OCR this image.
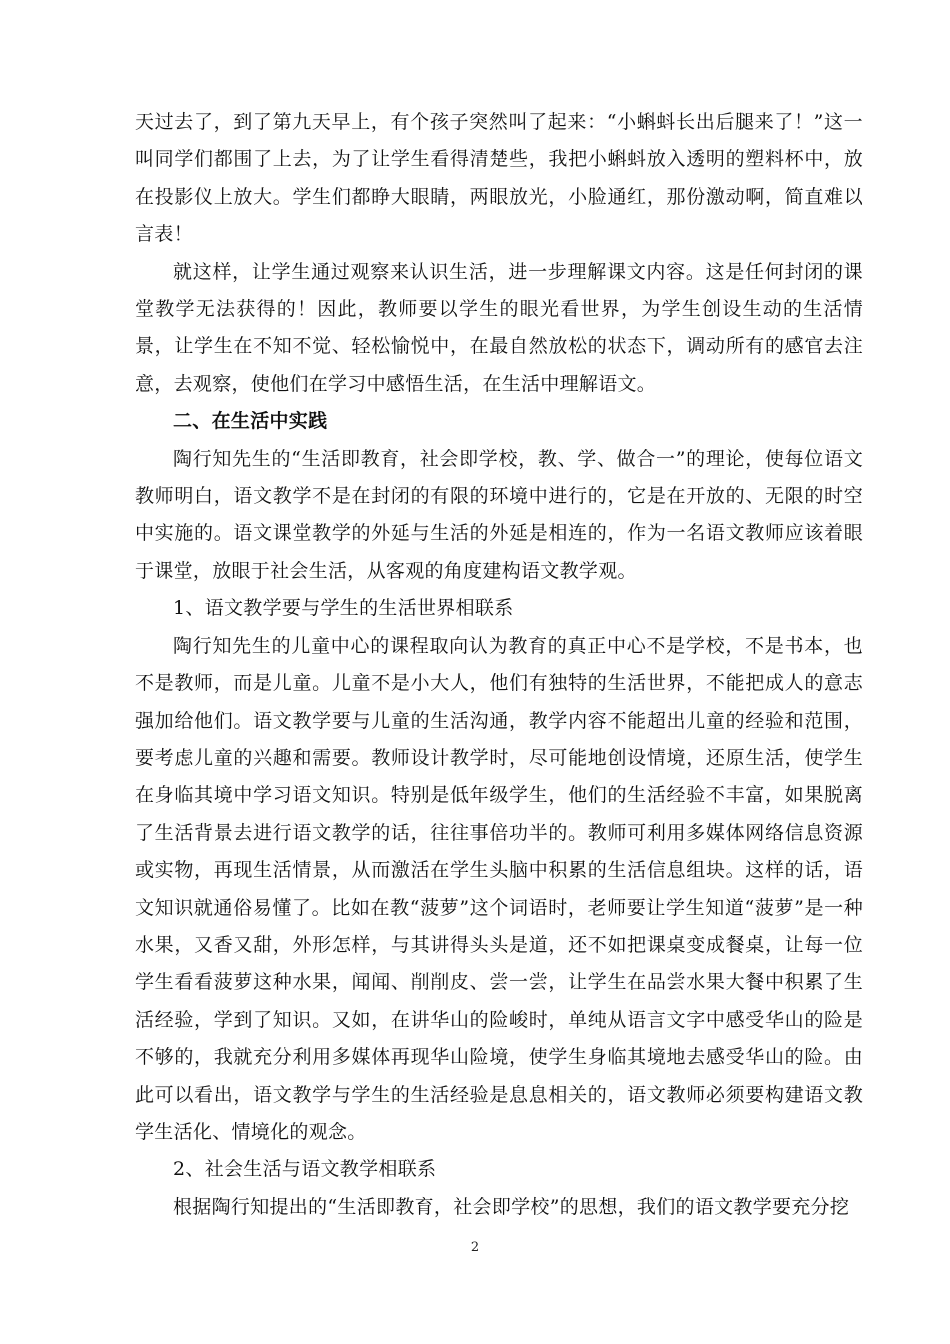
天过去了，到了第九天早上，有个孩子突然叫了起来：“小蝌蚪长出后腿来了！”这一叫同学们都围了上去，为了让学生看得清楚些，我把小蝌蚪放入透明的塑料杯中，放在投影仪上放大。学生们都睁大眼睛，两眼放光，小脸通红，那份激动啊，简直难以言表！

就这样，让学生通过观察来认识生活，进一步理解课文内容。这是任何封闭的课堂教学无法获得的！因此，教师要以学生的眼光看世界，为学生创设生动的生活情景，让学生在不知不觉、轻松愉悦中，在最自然放松的状态下，调动所有的感官去注意，去观察，使他们在学习中感悟生活，在生活中理解语文。

二、在生活中实践

陶行知先生的“生活即教育，社会即学校，教、学、做合一”的理论，使每位语文教师明白，语文教学不是在封闭的有限的环境中进行的，它是在开放的、无限的时空中实施的。语文课堂教学的外延与生活的外延是相连的，作为一名语文教师应该着眼于课堂，放眼于社会生活，从客观的角度建构语文教学观。

1、语文教学要与学生的生活世界相联系

陶行知先生的儿童中心的课程取向认为教育的真正中心不是学校，不是书本，也不是教师，而是儿童。儿童不是小大人，他们有独特的生活世界，不能把成人的意志强加给他们。语文教学要与儿童的生活沟通，教学内容不能超出儿童的经验和范围，要考虑儿童的兴趣和需要。教师设计教学时，尽可能地创设情境，还原生活，使学生在身临其境中学习语文知识。特别是低年级学生，他们的生活经验不丰富，如果脱离了生活背景去进行语文教学的话，往往事倍功半的。教师可利用多媒体网络信息资源或实物，再现生活情景，从而激活在学生头脑中积累的生活信息组块。这样的话，语文知识就通俗易懂了。比如在教“菠萝”这个词语时，老师要让学生知道“菠萝”是一种水果，又香又甜，外形怎样，与其讲得头头是道，还不如把课桌变成餐桌，让每一位学生看看菠萝这种水果，闻闻、削削皮、尝一尝，让学生在品尝水果大餐中积累了生活经验，学到了知识。又如，在讲华山的险峻时，单纯从语言文字中感受华山的险是不够的，我就充分利用多媒体再现华山险境，使学生身临其境地去感受华山的险。由此可以看出，语文教学与学生的生活经验是息息相关的，语文教师必须要构建语文教学生活化、情境化的观念。

2、社会生活与语文教学相联系

根据陶行知提出的“生活即教育，社会即学校”的思想，我们的语文教学要充分挖

2
